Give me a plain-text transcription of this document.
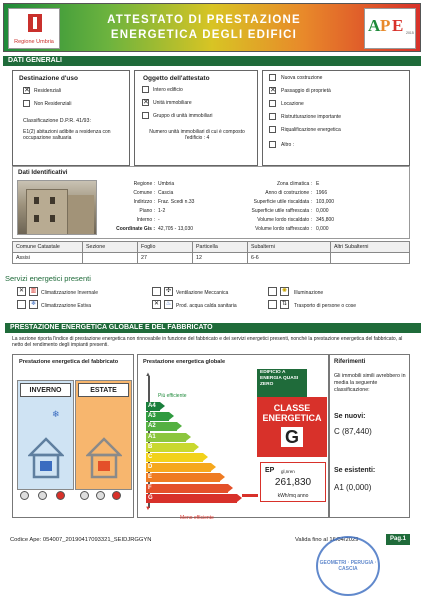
Regione Umbria
ATTESTATO DI PRESTAZIONE
ENERGETICA DEGLI EDIFICI	A P E 2015
DATI GENERALI
Destinazione d'uso
✕ Residenziali
Non Residenziali
Classificazione D.P.R. 41/93:
E1(2) abitazioni adibite a residenza con occupazione saltuaria
Oggetto dell'attestato
Intero edificio
✕ Unità immobiliare
Gruppo di unità immobiliari
Numero unità immobiliari di cui è composto l'edificio : 4
Nuova costruzione
✕ Passaggio di proprietà
Locazione
Ristrutturazione importante
Riqualificazione energetica
Altro :
Dati Identificativi
Regione : Umbria
Comune : Cascia
Indirizzo : Fraz. Scedi n.33
Piano : 1-2
Interno : -
Coordinate Gis : 42,705 - 13,030
Zona climatica : E
Anno di costruzione : 1966
Superficie utile riscaldata : 103,000
Superficie utile raffrescata : 0,000
Volume lordo riscaldato : 345,800
Volume lordo raffrescato : 0,000
Comune Catastale	Sezione	Foglio	Particella	Subalterni	Altri Subalterni
Assisi		27	12	6-6	
Servizi energetici presenti
✕	▥ Climatizzazione Invernale
❄ Climatizzazione Estiva
✣ Ventilazione Meccanica
✕	♨ Prod. acqua calda sanitaria
✺	Illuminazione
⇅	Trasporto di persone o cose
PRESTAZIONE ENERGETICA GLOBALE E DEL FABBRICATO
La sezione riporta l'indice di prestazione energetica non rinnovabile in funzione del fabbricato e dei servizi energetici presenti, nonché la prestazione energetica del fabbricato, al netto del rendimento degli impianti presenti.
Prestazione energetica del fabbricato
INVERNO
❄
ESTATE
Prestazione energetica globale
▲
▼
Più efficiente
Meno efficiente
A4
A3
A2
A1
B
C
D
E
F
G
EDIFICIO A ENERGIA QUASI ZERO
CLASSE ENERGETICA
G
EP gl,nren
261,830
kWh/mq anno
Riferimenti
Gli immobili simili avrebbero in media la seguente classificazione:
Se nuovi:
C (87,440)
Se esistenti:
A1 (0,000)
Codice Ape: 054007_20190417093321_SEIDJRGGYN	Valida fino al 16/04/2029	Pag.1
GEOMETRI · PERUGIA · CASCIA
